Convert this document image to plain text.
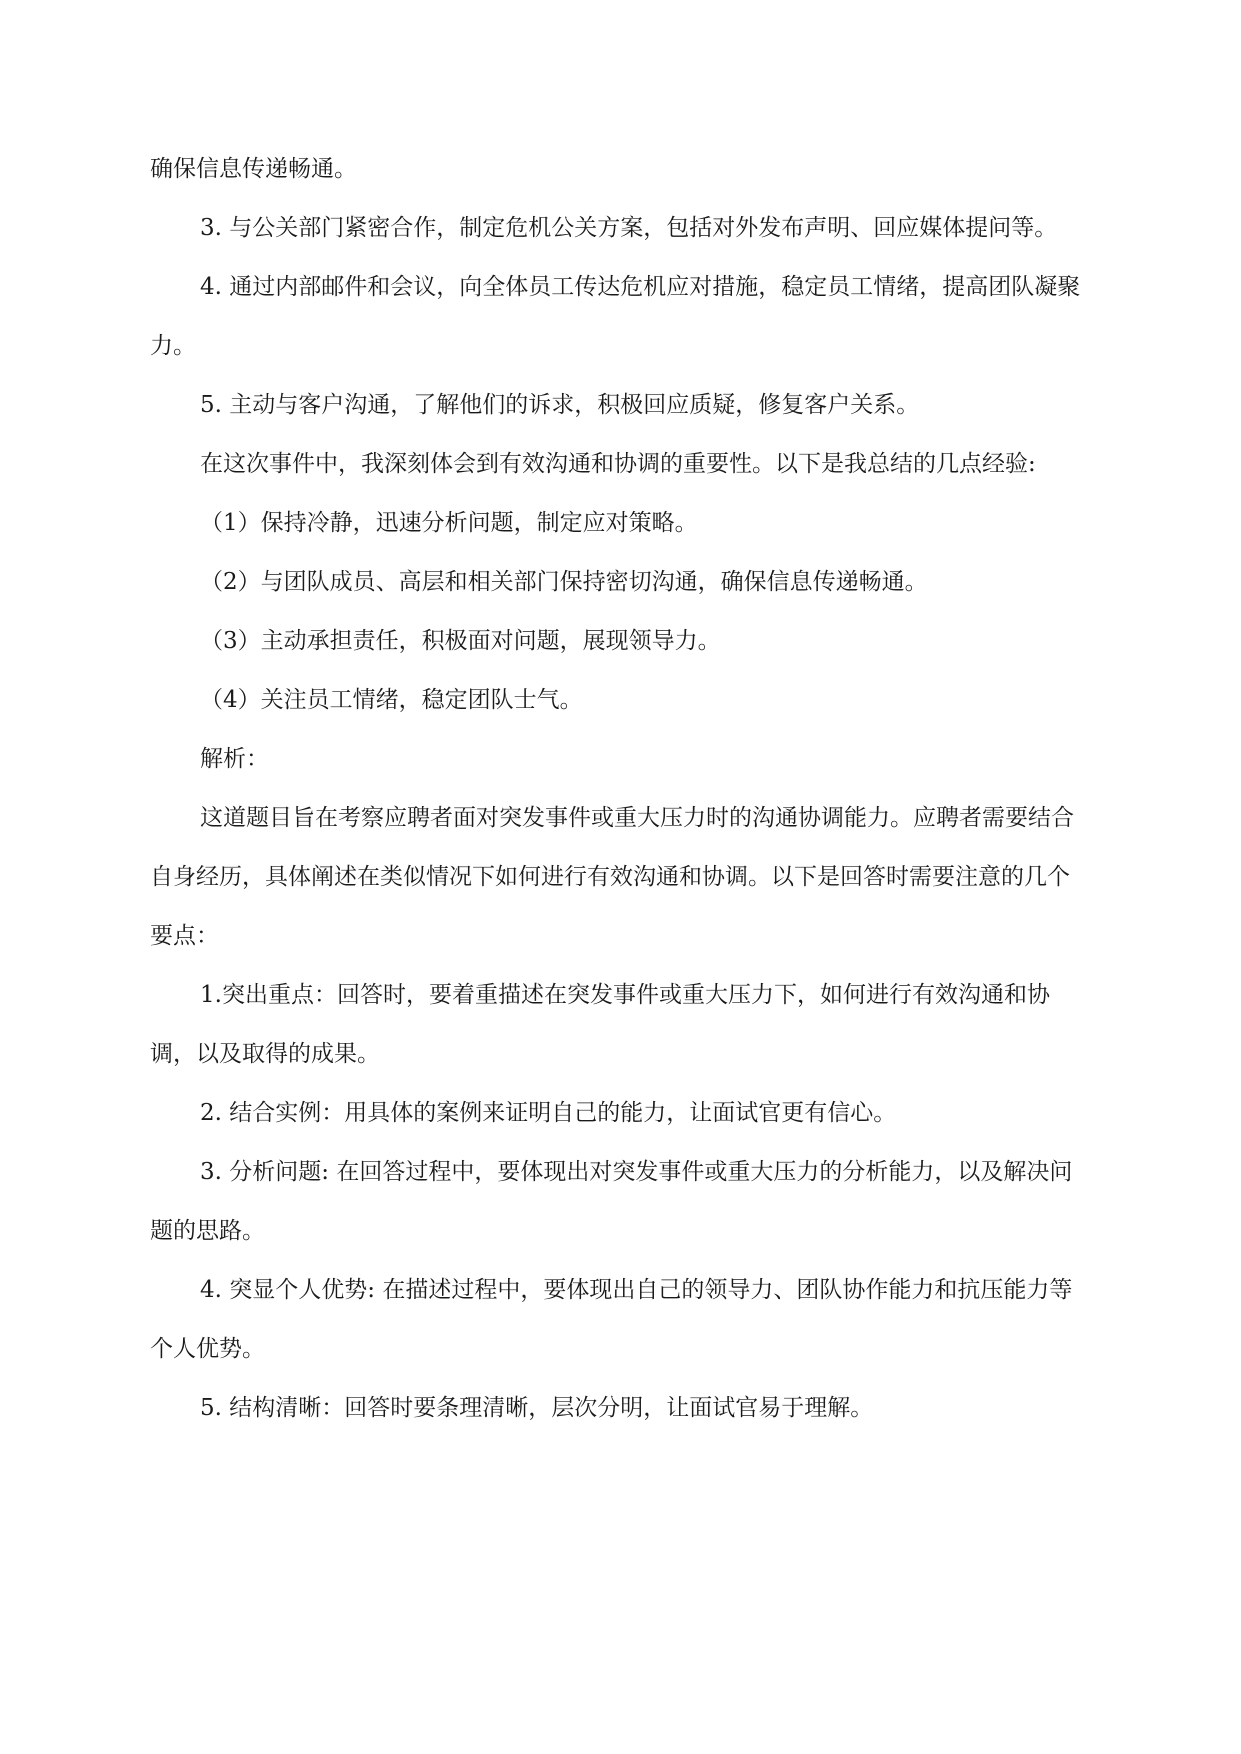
确保信息传递畅通。

3. 与公关部门紧密合作，制定危机公关方案，包括对外发布声明、回应媒体提问等。

4. 通过内部邮件和会议，向全体员工传达危机应对措施，稳定员工情绪，提高团队凝聚力。

5. 主动与客户沟通，了解他们的诉求，积极回应质疑，修复客户关系。

在这次事件中，我深刻体会到有效沟通和协调的重要性。以下是我总结的几点经验:

（1）保持冷静，迅速分析问题，制定应对策略。

（2）与团队成员、高层和相关部门保持密切沟通，确保信息传递畅通。

（3）主动承担责任，积极面对问题，展现领导力。

（4）关注员工情绪，稳定团队士气。

解析：

这道题目旨在考察应聘者面对突发事件或重大压力时的沟通协调能力。应聘者需要结合自身经历，具体阐述在类似情况下如何进行有效沟通和协调。以下是回答时需要注意的几个要点：

1.突出重点：回答时，要着重描述在突发事件或重大压力下，如何进行有效沟通和协调，以及取得的成果。

2. 结合实例：用具体的案例来证明自己的能力，让面试官更有信心。

3. 分析问题: 在回答过程中，要体现出对突发事件或重大压力的分析能力，以及解决问题的思路。

4. 突显个人优势: 在描述过程中，要体现出自己的领导力、团队协作能力和抗压能力等个人优势。

5. 结构清晰：回答时要条理清晰，层次分明，让面试官易于理解。
